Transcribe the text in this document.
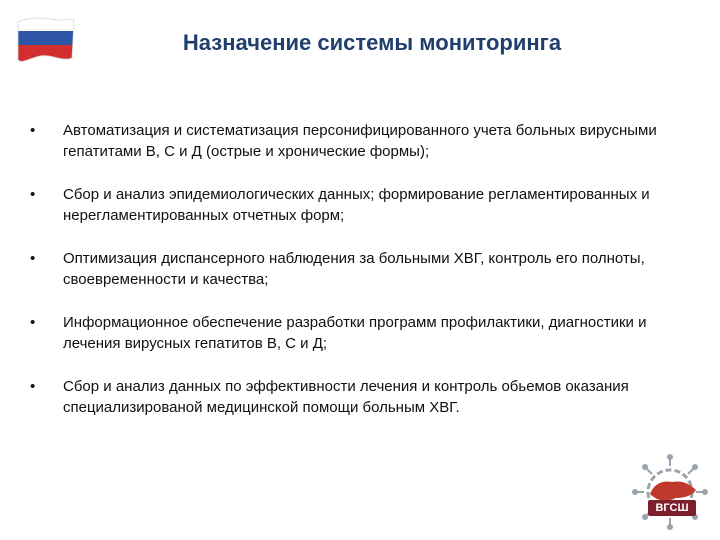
Назначение системы мониторинга
• Автоматизация и систематизация персонифицированного учета больных вирусными гепатитами В, С и Д (острые и хронические формы);
• Сбор и анализ эпидемиологических данных; формирование регламентированных и нерегламентированных отчетных форм;
• Оптимизация диспансерного наблюдения за больными ХВГ, контроль его полноты, своевременности и качества;
• Информационное обеспечение разработки программ профилактики, диагностики и лечения вирусных гепатитов В, С и Д;
• Сбор и анализ данных по эффективности лечения и контроль обьемов оказания специализированой медицинской помощи больным ХВГ.
ВГСШ
